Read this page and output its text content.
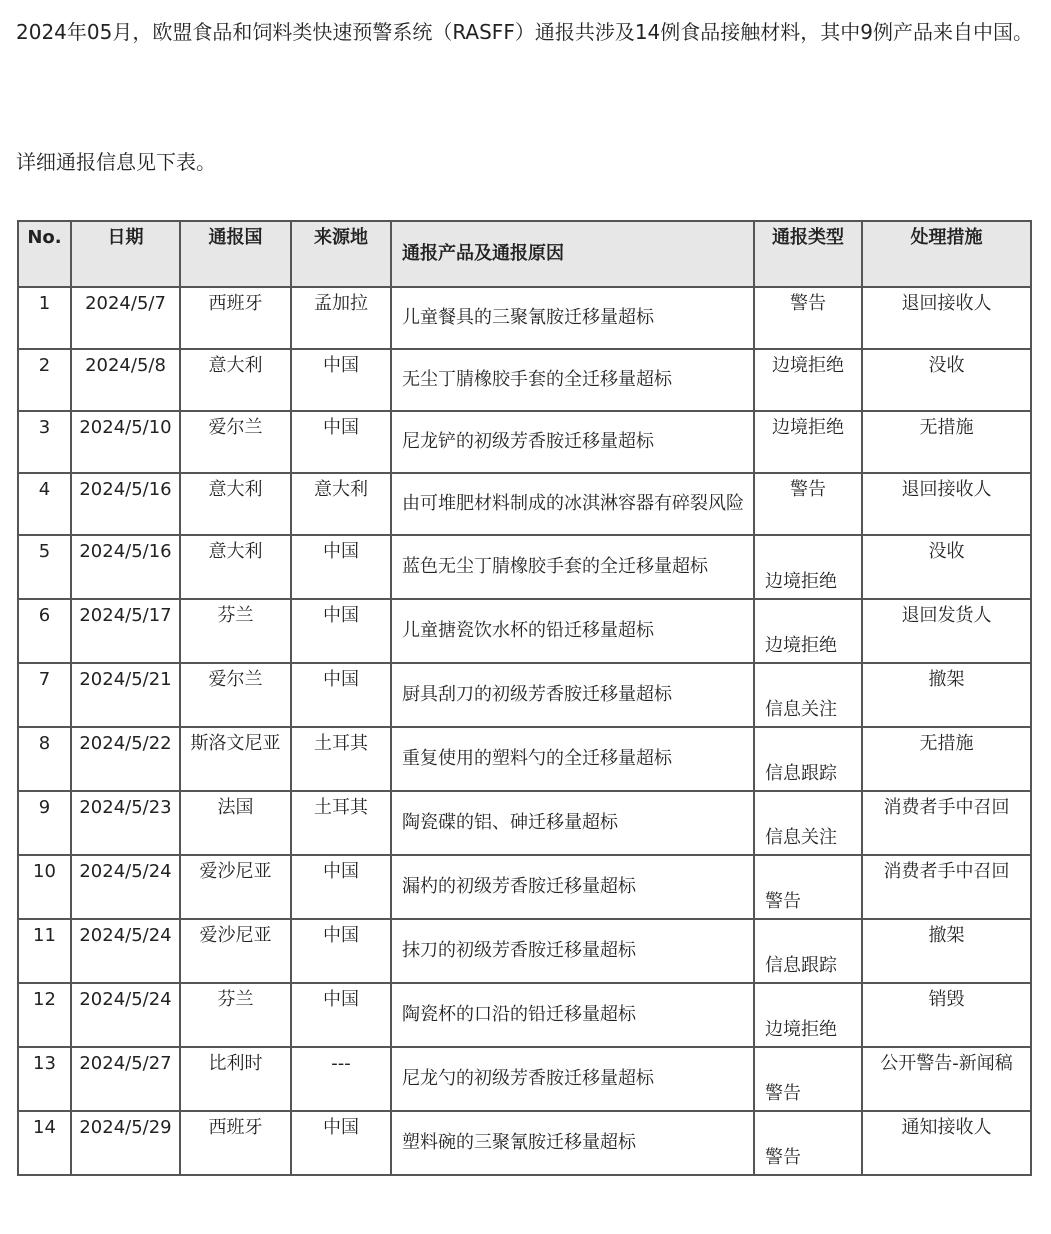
2024年05月，欧盟食品和饲料类快速预警系统（RASFF）通报共涉及14例食品接触材料，其中9例产品来自中国。

详细通报信息见下表。

No.	日期	通报国	来源地	通报产品及通报原因	通报类型	处理措施
1	2024/5/7	西班牙	孟加拉	儿童餐具的三聚氰胺迁移量超标	警告	退回接收人
2	2024/5/8	意大利	中国	无尘丁腈橡胶手套的全迁移量超标	边境拒绝	没收
3	2024/5/10	爱尔兰	中国	尼龙铲的初级芳香胺迁移量超标	边境拒绝	无措施
4	2024/5/16	意大利	意大利	由可堆肥材料制成的冰淇淋容器有碎裂风险	警告	退回接收人
5	2024/5/16	意大利	中国	蓝色无尘丁腈橡胶手套的全迁移量超标	边境拒绝	没收
6	2024/5/17	芬兰	中国	儿童搪瓷饮水杯的铅迁移量超标	边境拒绝	退回发货人
7	2024/5/21	爱尔兰	中国	厨具刮刀的初级芳香胺迁移量超标	信息关注	撤架
8	2024/5/22	斯洛文尼亚	土耳其	重复使用的塑料勺的全迁移量超标	信息跟踪	无措施
9	2024/5/23	法国	土耳其	陶瓷碟的铝、砷迁移量超标	信息关注	消费者手中召回
10	2024/5/24	爱沙尼亚	中国	漏杓的初级芳香胺迁移量超标	警告	消费者手中召回
11	2024/5/24	爱沙尼亚	中国	抹刀的初级芳香胺迁移量超标	信息跟踪	撤架
12	2024/5/24	芬兰	中国	陶瓷杯的口沿的铅迁移量超标	边境拒绝	销毁
13	2024/5/27	比利时	---	尼龙勺的初级芳香胺迁移量超标	警告	公开警告-新闻稿
14	2024/5/29	西班牙	中国	塑料碗的三聚氰胺迁移量超标	警告	通知接收人
